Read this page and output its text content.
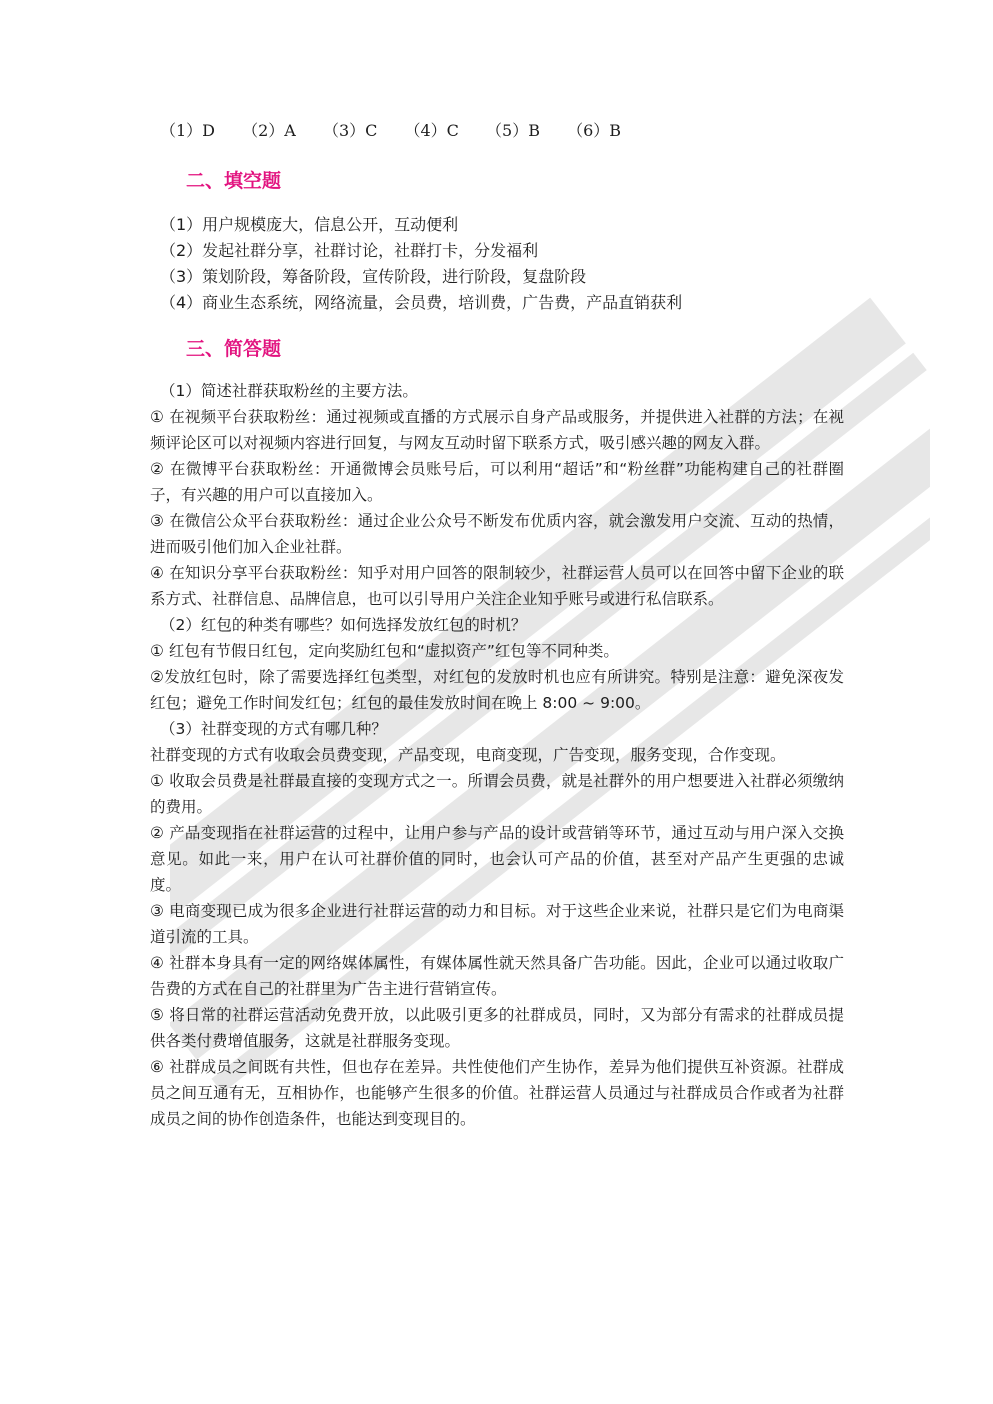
（1）D （2）A （3）C （4）C （5）B （6）B

二、填空题

（1）用户规模庞大，信息公开，互动便利

（2）发起社群分享，社群讨论，社群打卡，分发福利

（3）策划阶段，筹备阶段，宣传阶段，进行阶段，复盘阶段

（4）商业生态系统，网络流量，会员费，培训费，广告费，产品直销获利

三、简答题

（1）简述社群获取粉丝的主要方法。

① 在视频平台获取粉丝：通过视频或直播的方式展示自身产品或服务，并提供进入社群的方法；在视频评论区可以对视频内容进行回复，与网友互动时留下联系方式，吸引感兴趣的网友入群。

② 在微博平台获取粉丝：开通微博会员账号后，可以利用“超话”和“粉丝群”功能构建自己的社群圈子，有兴趣的用户可以直接加入。

③ 在微信公众平台获取粉丝：通过企业公众号不断发布优质内容，就会激发用户交流、互动的热情，进而吸引他们加入企业社群。

④ 在知识分享平台获取粉丝：知乎对用户回答的限制较少，社群运营人员可以在回答中留下企业的联系方式、社群信息、品牌信息，也可以引导用户关注企业知乎账号或进行私信联系。

（2）红包的种类有哪些？如何选择发放红包的时机？

① 红包有节假日红包，定向奖励红包和“虚拟资产”红包等不同种类。

②发放红包时，除了需要选择红包类型，对红包的发放时机也应有所讲究。特别是注意：避免深夜发红包；避免工作时间发红包；红包的最佳发放时间在晚上 8:00 ~ 9:00。

（3）社群变现的方式有哪几种？

社群变现的方式有收取会员费变现，产品变现，电商变现，广告变现，服务变现，合作变现。

① 收取会员费是社群最直接的变现方式之一。所谓会员费，就是社群外的用户想要进入社群必须缴纳的费用。

② 产品变现指在社群运营的过程中，让用户参与产品的设计或营销等环节，通过互动与用户深入交换意见。如此一来，用户在认可社群价值的同时，也会认可产品的价值，甚至对产品产生更强的忠诚度。

③ 电商变现已成为很多企业进行社群运营的动力和目标。对于这些企业来说，社群只是它们为电商渠道引流的工具。

④ 社群本身具有一定的网络媒体属性，有媒体属性就天然具备广告功能。因此，企业可以通过收取广告费的方式在自己的社群里为广告主进行营销宣传。

⑤ 将日常的社群运营活动免费开放，以此吸引更多的社群成员，同时，又为部分有需求的社群成员提供各类付费增值服务，这就是社群服务变现。

⑥ 社群成员之间既有共性，但也存在差异。共性使他们产生协作，差异为他们提供互补资源。社群成员之间互通有无，互相协作，也能够产生很多的价值。社群运营人员通过与社群成员合作或者为社群成员之间的协作创造条件，也能达到变现目的。
